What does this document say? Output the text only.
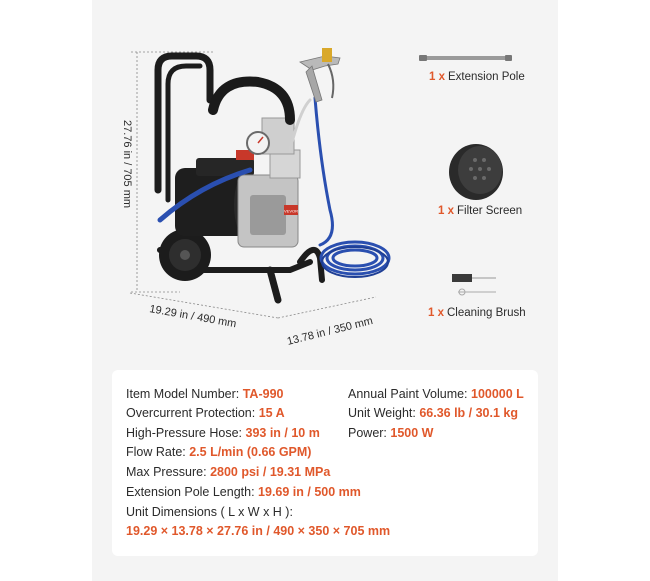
27.76 in / 705 mm
19.29 in / 490 mm	13.78 in / 350 mm
VEVOR
1 x Extension Pole
1 x Filter Screen
1 x Cleaning Brush
Item Model Number: TA-990
Overcurrent Protection: 15 A
High-Pressure Hose: 393 in / 10 m
Flow Rate: 2.5 L/min (0.66 GPM)
Max Pressure: 2800 psi / 19.31 MPa
Extension Pole Length: 19.69 in / 500 mm
Unit Dimensions ( L x W x H ):
19.29 × 13.78 × 27.76 in / 490 × 350 × 705 mm
Annual Paint Volume: 100000 L
Unit Weight: 66.36 lb / 30.1 kg
Power: 1500 W
